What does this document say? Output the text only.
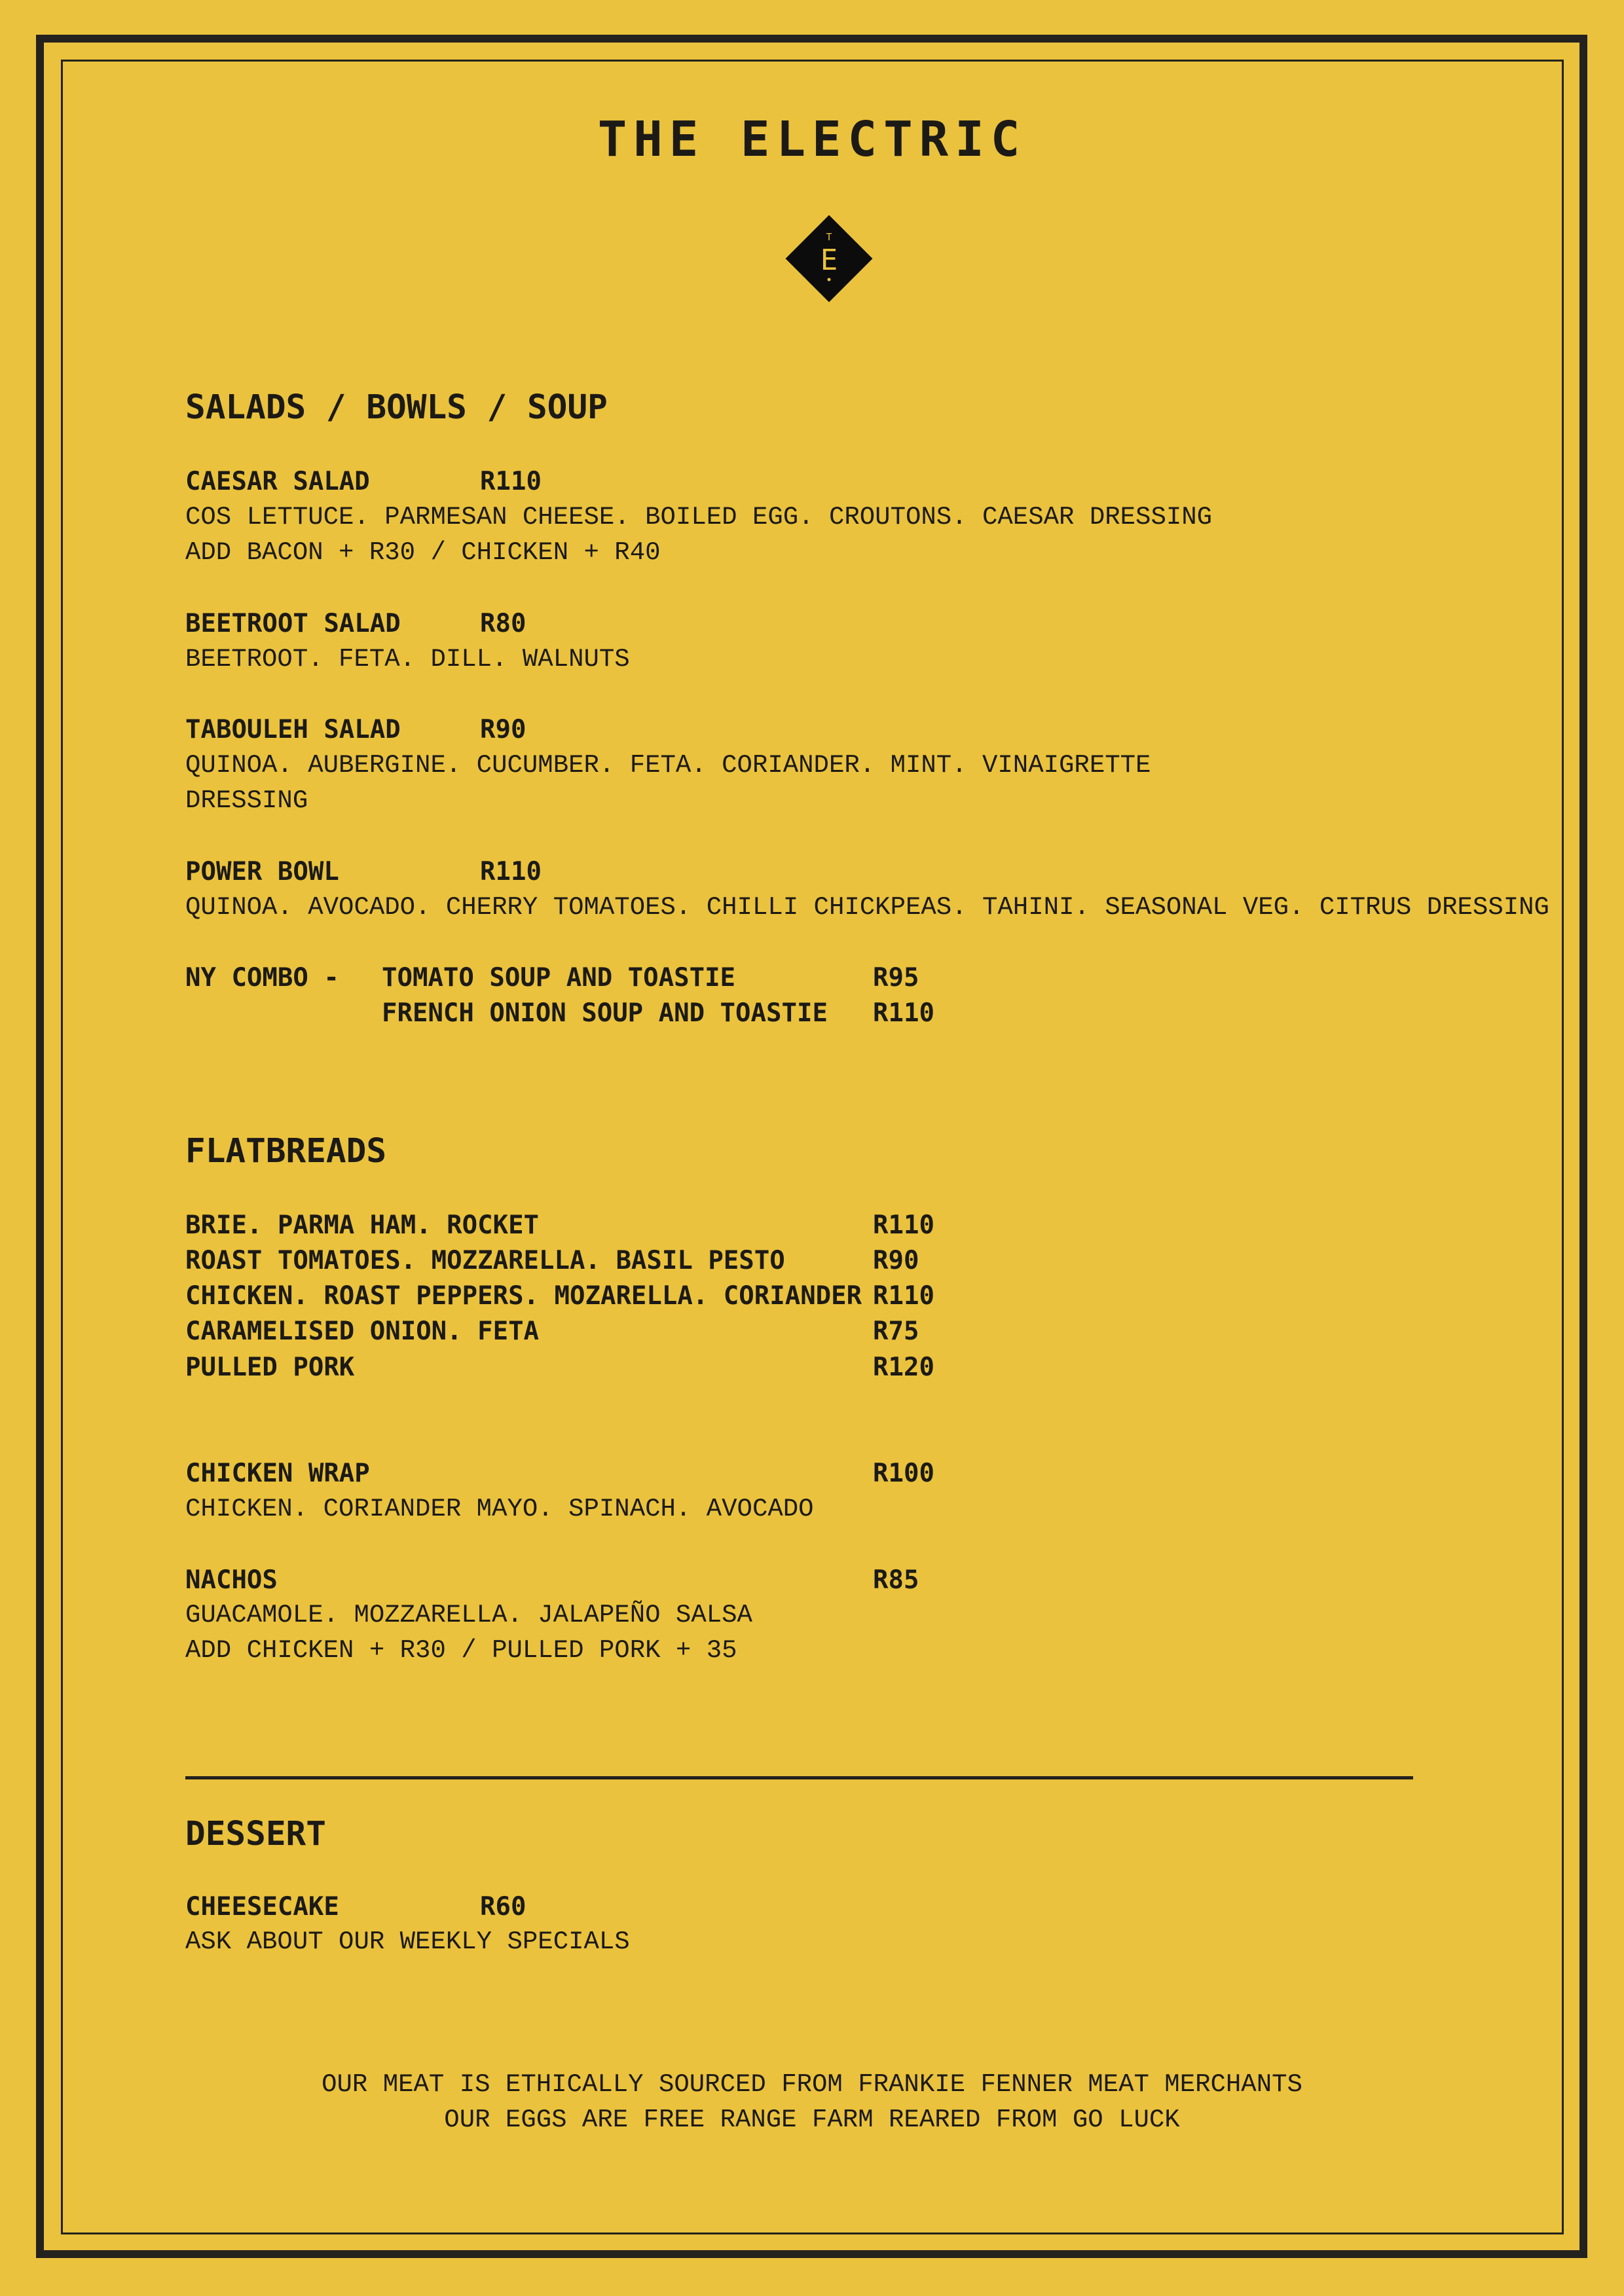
THE ELECTRIC
T
E
SALADS / BOWLS / SOUP
CAESAR SALAD	R110
COS LETTUCE. PARMESAN CHEESE. BOILED EGG. CROUTONS. CAESAR DRESSING
ADD BACON + R30 / CHICKEN + R40
BEETROOT SALAD	R80
BEETROOT. FETA. DILL. WALNUTS
TABOULEH SALAD	R90
QUINOA. AUBERGINE. CUCUMBER. FETA. CORIANDER. MINT. VINAIGRETTE
DRESSING
POWER BOWL	R110
QUINOA. AVOCADO. CHERRY TOMATOES. CHILLI CHICKPEAS. TAHINI. SEASONAL VEG. CITRUS DRESSING
NY COMBO - TOMATO SOUP AND TOASTIE	R95
FRENCH ONION SOUP AND TOASTIE R110
FLATBREADS
BRIE. PARMA HAM. ROCKET	R110
ROAST TOMATOES. MOZZARELLA. BASIL PESTO	R90
CHICKEN. ROAST PEPPERS. MOZARELLA. CORIANDER R110
CARAMELISED ONION. FETA	R75
PULLED PORK	R120
CHICKEN WRAP	R100
CHICKEN. CORIANDER MAYO. SPINACH. AVOCADO
NACHOS	R85
GUACAMOLE. MOZZARELLA. JALAPEÑO SALSA
ADD CHICKEN + R30 / PULLED PORK + 35
DESSERT
CHEESECAKE	R60
ASK ABOUT OUR WEEKLY SPECIALS

OUR MEAT IS ETHICALLY SOURCED FROM FRANKIE FENNER MEAT MERCHANTS

OUR EGGS ARE FREE RANGE FARM REARED FROM GO LUCK
